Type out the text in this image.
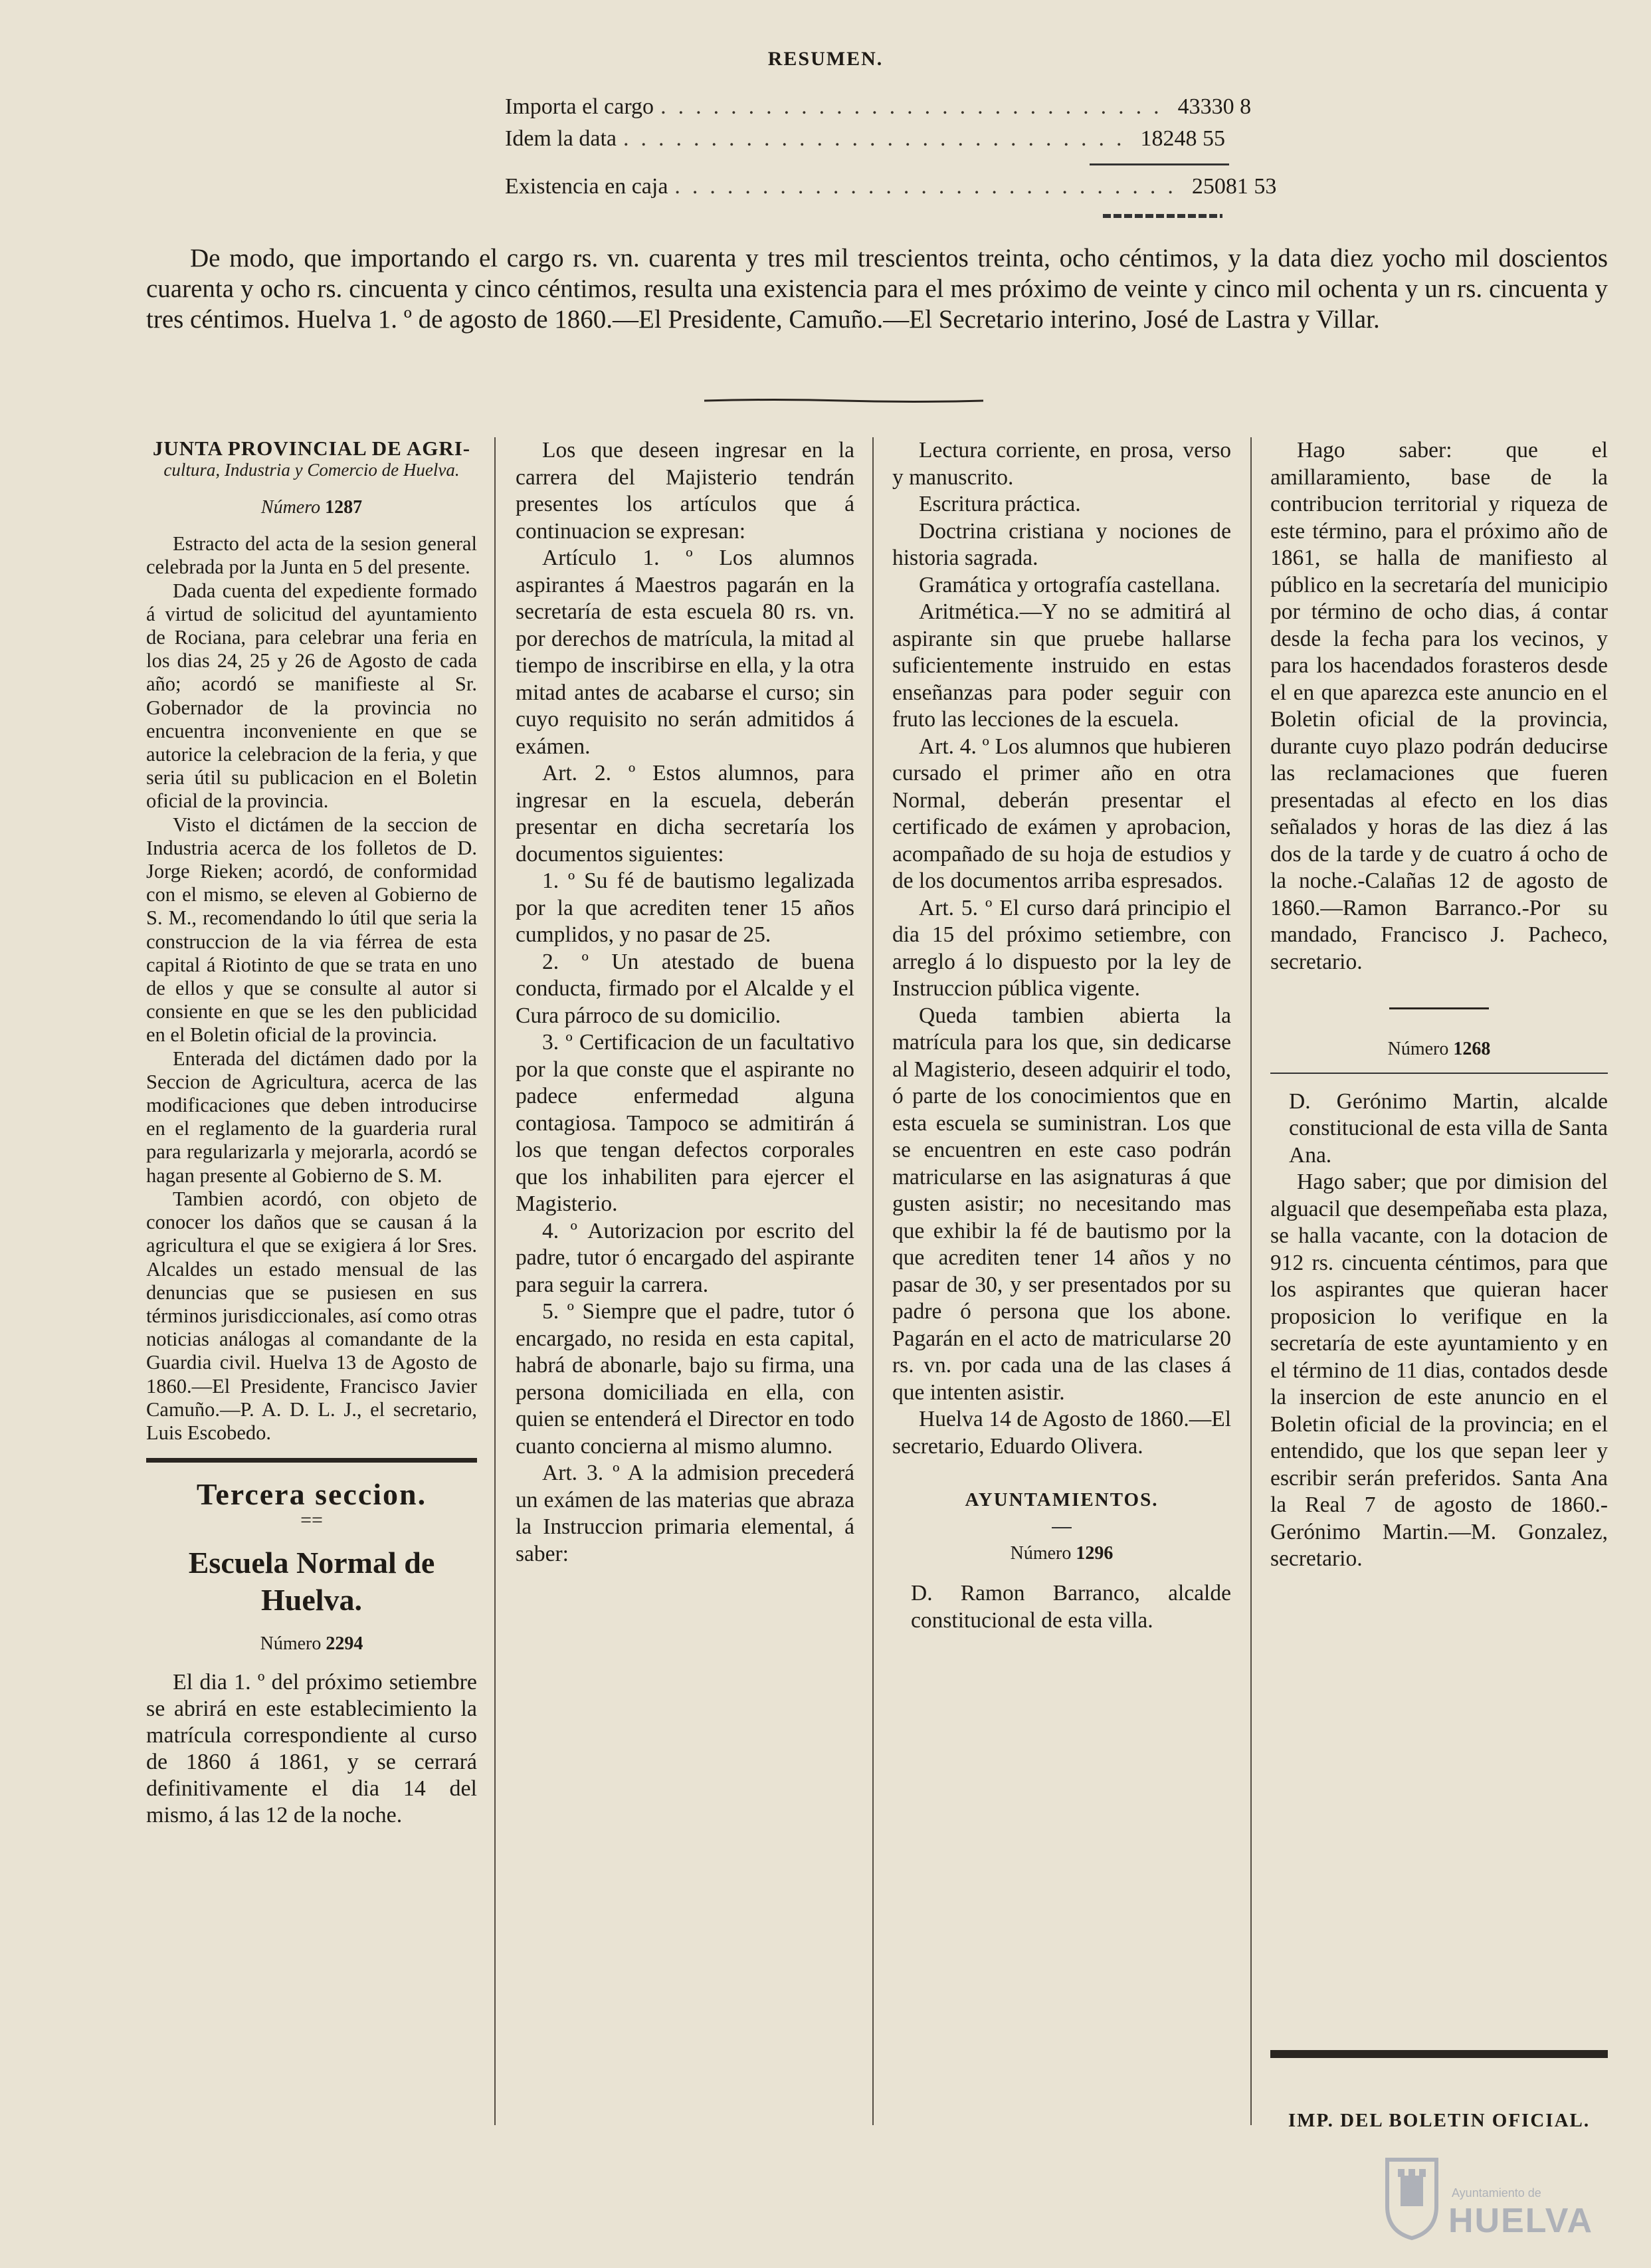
RESUMEN.
Importa el cargo ............................. 43330 8
Idem la data ............................. 18248 55
Existencia en caja ............................. 25081 53
De modo, que importando el cargo rs. vn. cuarenta y tres mil trescientos treinta, ocho céntimos, y la data diez yocho mil doscientos cuarenta y ocho rs. cincuenta y cinco céntimos, resulta una existencia para el mes próximo de veinte y cinco mil ochenta y un rs. cincuenta y tres céntimos. Huelva 1. º de agosto de 1860.—El Presidente, Camuño.—El Secretario interino, José de Lastra y Villar.
JUNTA PROVINCIAL DE AGRI-
cultura, Industria y Comercio de Huelva.
Número 1287

Estracto del acta de la sesion general celebrada por la Junta en 5 del presente.

Dada cuenta del expediente formado á virtud de solicitud del ayuntamiento de Rociana, para celebrar una feria en los dias 24, 25 y 26 de Agosto de cada año; acordó se manifieste al Sr. Gobernador de la provincia no encuentra inconveniente en que se autorice la celebracion de la feria, y que seria útil su publicacion en el Boletin oficial de la provincia.

Visto el dictámen de la seccion de Industria acerca de los folletos de D. Jorge Rieken; acordó, de conformidad con el mismo, se eleven al Gobierno de S. M., recomendando lo útil que seria la construccion de la via férrea de esta capital á Riotinto de que se trata en uno de ellos y que se consulte al autor si consiente en que se les den publicidad en el Boletin oficial de la provincia.

Enterada del dictámen dado por la Seccion de Agricultura, acerca de las modificaciones que deben introducirse en el reglamento de la guarderia rural para regularizarla y mejorarla, acordó se hagan presente al Gobierno de S. M.

Tambien acordó, con objeto de conocer los daños que se causan á la agricultura el que se exigiera á lor Sres. Alcaldes un estado mensual de las denuncias que se pusiesen en sus términos jurisdiccionales, así como otras noticias análogas al comandante de la Guardia civil. Huelva 13 de Agosto de 1860.—El Presidente, Francisco Javier Camuño.—P. A. D. L. J., el secretario, Luis Escobedo.

Tercera seccion.
==
Escuela Normal de Huelva.
Número 2294

El dia 1. º del próximo setiembre se abrirá en este establecimiento la matrícula correspondiente al curso de 1860 á 1861, y se cerrará definitivamente el dia 14 del mismo, á las 12 de la noche.

Los que deseen ingresar en la carrera del Majisterio tendrán presentes los artículos que á continuacion se expresan:

Artículo 1. º Los alumnos aspirantes á Maestros pagarán en la secretaría de esta escuela 80 rs. vn. por derechos de matrícula, la mitad al tiempo de inscribirse en ella, y la otra mitad antes de acabarse el curso; sin cuyo requisito no serán admitidos á exámen.

Art. 2. º Estos alumnos, para ingresar en la escuela, deberán presentar en dicha secretaría los documentos siguientes:

1. º Su fé de bautismo legalizada por la que acrediten tener 15 años cumplidos, y no pasar de 25.

2. º Un atestado de buena conducta, firmado por el Alcalde y el Cura párroco de su domicilio.

3. º Certificacion de un facultativo por la que conste que el aspirante no padece enfermedad alguna contagiosa. Tampoco se admitirán á los que tengan defectos corporales que los inhabiliten para ejercer el Magisterio.

4. º Autorizacion por escrito del padre, tutor ó encargado del aspirante para seguir la carrera.

5. º Siempre que el padre, tutor ó encargado, no resida en esta capital, habrá de abonarle, bajo su firma, una persona domiciliada en ella, con quien se entenderá el Director en todo cuanto concierna al mismo alumno.

Art. 3. º A la admision precederá un exámen de las materias que abraza la Instruccion primaria elemental, á saber:

Lectura corriente, en prosa, verso y manuscrito.

Escritura práctica.

Doctrina cristiana y nociones de historia sagrada.

Gramática y ortografía castellana.

Aritmética.—Y no se admitirá al aspirante sin que pruebe hallarse suficientemente instruido en estas enseñanzas para poder seguir con fruto las lecciones de la escuela.

Art. 4. º Los alumnos que hubieren cursado el primer año en otra Normal, deberán presentar el certificado de exámen y aprobacion, acompañado de su hoja de estudios y de los documentos arriba espresados.

Art. 5. º El curso dará principio el dia 15 del próximo setiembre, con arreglo á lo dispuesto por la ley de Instruccion pública vigente.

Queda tambien abierta la matrícula para los que, sin dedicarse al Magisterio, deseen adquirir el todo, ó parte de los conocimientos que en esta escuela se suministran. Los que se encuentren en este caso podrán matricularse en las asignaturas á que gusten asistir; no necesitando mas que exhibir la fé de bautismo por la que acrediten tener 14 años y no pasar de 30, y ser presentados por su padre ó persona que los abone. Pagarán en el acto de matricularse 20 rs. vn. por cada una de las clases á que intenten asistir.

Huelva 14 de Agosto de 1860.—El secretario, Eduardo Olivera.

AYUNTAMIENTOS.
Número 1296

D. Ramon Barranco, alcalde constitucional de esta villa.

Hago saber: que el amillaramiento, base de la contribucion territorial y riqueza de este término, para el próximo año de 1861, se halla de manifiesto al público en la secretaría del municipio por término de ocho dias, á contar desde la fecha para los vecinos, y para los hacendados forasteros desde el en que aparezca este anuncio en el Boletin oficial de la provincia, durante cuyo plazo podrán deducirse las reclamaciones que fueren presentadas al efecto en los dias señalados y horas de las diez á las dos de la tarde y de cuatro á ocho de la noche.-Calañas 12 de agosto de 1860.—Ramon Barranco.-Por su mandado, Francisco J. Pacheco, secretario.

Número 1268

D. Gerónimo Martin, alcalde constitucional de esta villa de Santa Ana.

Hago saber; que por dimision del alguacil que desempeñaba esta plaza, se halla vacante, con la dotacion de 912 rs. cincuenta céntimos, para que los aspirantes que quieran hacer proposicion lo verifique en la secretaría de este ayuntamiento y en el término de 11 dias, contados desde la insercion de este anuncio en el Boletin oficial de la provincia; en el entendido, que los que sepan leer y escribir serán preferidos. Santa Ana la Real 7 de agosto de 1860.-Gerónimo Martin.—M. Gonzalez, secretario.

IMP. DEL BOLETIN OFICIAL.
Ayuntamiento de
HUELVA
